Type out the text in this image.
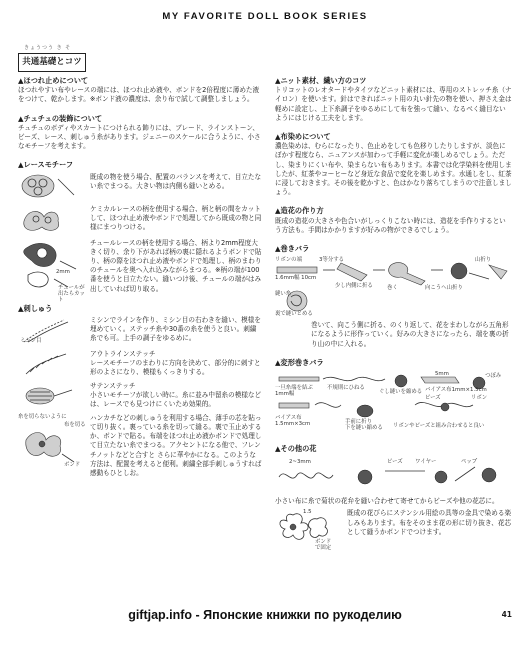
MY FAVORITE DOLL BOOK SERIES
きょうつう き そ
共通基礎とコツ
▲ほつれ止めについて
ほつれやすい布やレースの端には、ほつれ止め液や、ボンドを2倍程度に薄めた液をつけて、乾かします。※ボンド液の濃度は、余り布で試して調整しましょう。
▲チュチュの装飾について
チュチュのボディやスカートにつけられる飾りには、ブレード、ラインストーン、ビーズ、レース、刺しゅう糸があります。ジェニーのスケールに合うように、小さなモチーフを考えます。
▲レースモチーフ
既成の物を使う場合、配置のバランスを考えて、目立たない糸でまつる。大きい物は内側も縫いとめる。
ケミカルレースの柄を使用する場合、柄と柄の間をカットして、ほつれ止め液やボンドで処理してから既成の物と同様にまつりつける。
2mm
チュールが出たらカット
チュールレースの柄を使用する場合、柄より2mm程度大きく切り、余り下があれば柄の裏に隠れるようボンドで貼り、柄の際をほつれ止め液やボンドで処理し、柄のまわりのチュールを奥へ入れ込みながらまつる。※柄の端が100番を使うと目立たない。縫いつけ後、チュールの端がはみ出していれば切り取る。
▲刺しゅう
ミシン目
ミシンでラインを作り、ミシン目の右わきを縫い、模様を埋めていく。ステッチ糸や30番の糸を使うと良い。刺繍糸でも可。上手の調子をゆるめに。
アウトラインステッチ
レースモチーフのまわりに方向を決めて、部分的に刺すと形のよさになり、模様もくっきりする。
サテンステッチ
小さいモチーフが欲しい時に。糸に並み中留糸の模様など は、レースでも見つけにくいため効果的。
糸を切らないように
布を切る
ボンド
ハンカチなどの刺しゅうを利用する場合、薄手の芯を貼って切り抜く。裏っている糸を切って縫る。裏で玉止めするか、ボンドで貼る。布端をほつれ止め液かボンドで処理して目立たない糸でまつる。アクセントになる他で、フレンチノットなどと合すと さらに華やかになる。このような方法は、配置を考えると便利。刺繍全部手刺しゅうすれば感動もひとしお。
▲ニット素材、繊い方のコツ
トリコットのレオタードやタイツなどニット素材には、専用のストレッチ糸（ナイロン）を使います。針はできればニット用の丸い針先の物を使い、押さえ金は軽めに設定し、上下糸調子をゆるめにして布を強って縫い、なるべく縫目ないようにはじける工夫をします。
▲布染めについて
濃色染めは、むらになったり、色止めをしても色移りしたりしますが、淡色にぼかす程度なら、ニュアンスが加わって手軽に変化が楽しめるでしょう。ただし、染まりにくい布や、染まらない布もあります。本書では化学染料を使用しましたが、紅茶やコーヒーなど身近な食品で変化を楽しめます。水通しをし、紅茶に浸しておきます。その後を乾かすと、色はかなり落ちてしまうので注意しましょう。
▲造花の作り方
既成の造花の大きさや色合いがしっくりこない時には、造花を手作りするという方法も。手間はかかりますが好みの物ができるでしょう。
▲巻きバラ
リボンの端	3等分する
1.6mm幅 10cm
少し内側に折る	巻く	向こうへ山折り
山折り
縫い糸
裏で縫いとめる
巻いて、向こう側に折る、のくり返して、花をまわしながら五角形になるように形作っていく。好みの大きさになったら、端を裏の折り山の中に入れる。
▲変形巻きバラ
一旦糸端を結ぶ
1mm幅
5mm
不規則にひねる
ぐし縫いを縮める バイアス布1mm×1.5cm
つぼみ
バイアス布
1.5mm×3cm	手前に折り
下を縫い縮める
ビーズ	リボン
リボンやビーズと組み合わせると良い
▲その他の花
2~3mm	ビーズ ワイヤー	ペップ
小さい布に糸で菊状の花弁を縫い合わせて寄せてからビーズや他の花芯に。
1.5
ボンド
で固定
既成の花びらにステンシル用絵の具等の金具で染める楽しみもあります。布をそのまま花の形に切り抜き、花芯として縫うかボンドでつけます。
giftjap.info - Японские книжки по рукоделию	41
